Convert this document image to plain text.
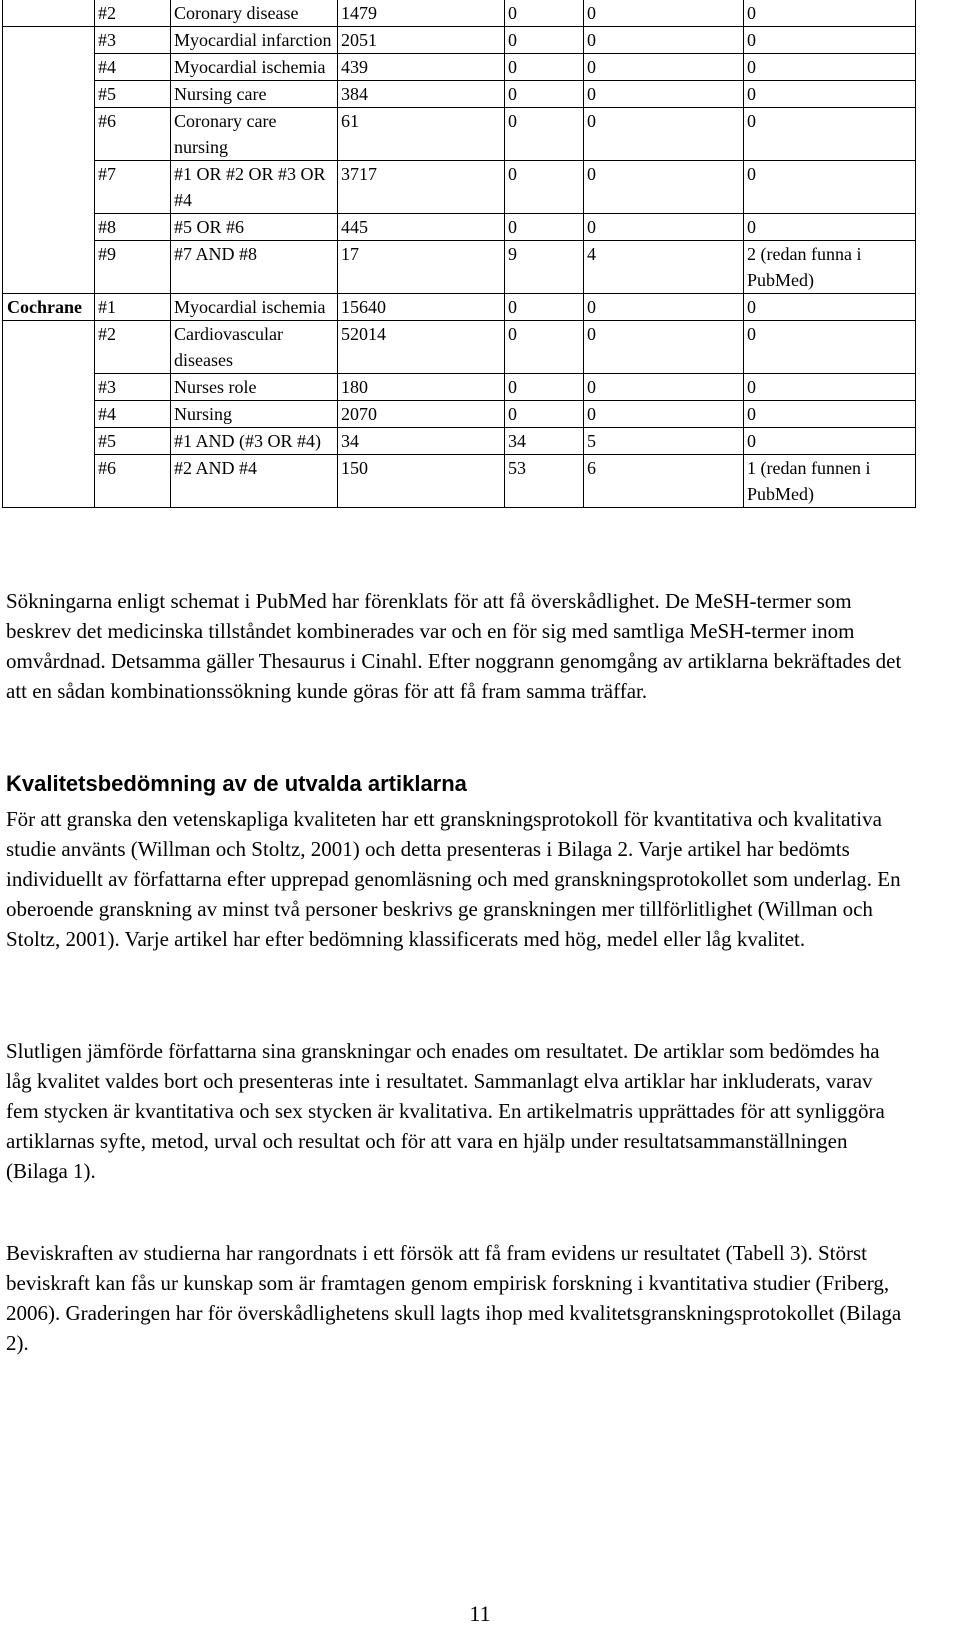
	#2	Coronary disease	1479	0	0	0
	#3	Myocardial infarction	2051	0	0	0
	#4	Myocardial ischemia	439	0	0	0
	#5	Nursing care	384	0	0	0
	#6	Coronary care nursing	61	0	0	0
	#7	#1 OR #2 OR #3 OR #4	3717	0	0	0
	#8	#5 OR #6	445	0	0	0
	#9	#7 AND #8	17	9	4	2 (redan funna i PubMed)
Cochrane	#1	Myocardial ischemia	15640	0	0	0
	#2	Cardiovascular diseases	52014	0	0	0
	#3	Nurses role	180	0	0	0
	#4	Nursing	2070	0	0	0
	#5	#1 AND (#3 OR #4)	34	34	5	0
	#6	#2 AND #4	150	53	6	1 (redan funnen i PubMed)

Sökningarna enligt schemat i PubMed har förenklats för att få överskådlighet. De MeSH-termer som beskrev det medicinska tillståndet kombinerades var och en för sig med samtliga MeSH-termer inom omvårdnad. Detsamma gäller Thesaurus i Cinahl. Efter noggrann genomgång av artiklarna bekräftades det att en sådan kombinationssökning kunde göras för att få fram samma träffar.

Kvalitetsbedömning av de utvalda artiklarna

För att granska den vetenskapliga kvaliteten har ett granskningsprotokoll för kvantitativa och kvalitativa studie använts (Willman och Stoltz, 2001) och detta presenteras i Bilaga 2. Varje artikel har bedömts individuellt av författarna efter upprepad genomläsning och med granskningsprotokollet som underlag. En oberoende granskning av minst två personer beskrivs ge granskningen mer tillförlitlighet (Willman och Stoltz, 2001). Varje artikel har efter bedömning klassificerats med hög, medel eller låg kvalitet.

Slutligen jämförde författarna sina granskningar och enades om resultatet. De artiklar som bedömdes ha låg kvalitet valdes bort och presenteras inte i resultatet. Sammanlagt elva artiklar har inkluderats, varav fem stycken är kvantitativa och sex stycken är kvalitativa. En artikelmatris upprättades för att synliggöra artiklarnas syfte, metod, urval och resultat och för att vara en hjälp under resultatsammanställningen (Bilaga 1).

Beviskraften av studierna har rangordnats i ett försök att få fram evidens ur resultatet (Tabell 3). Störst beviskraft kan fås ur kunskap som är framtagen genom empirisk forskning i kvantitativa studier (Friberg, 2006). Graderingen har för överskådlighetens skull lagts ihop med kvalitetsgranskningsprotokollet (Bilaga 2).

11
